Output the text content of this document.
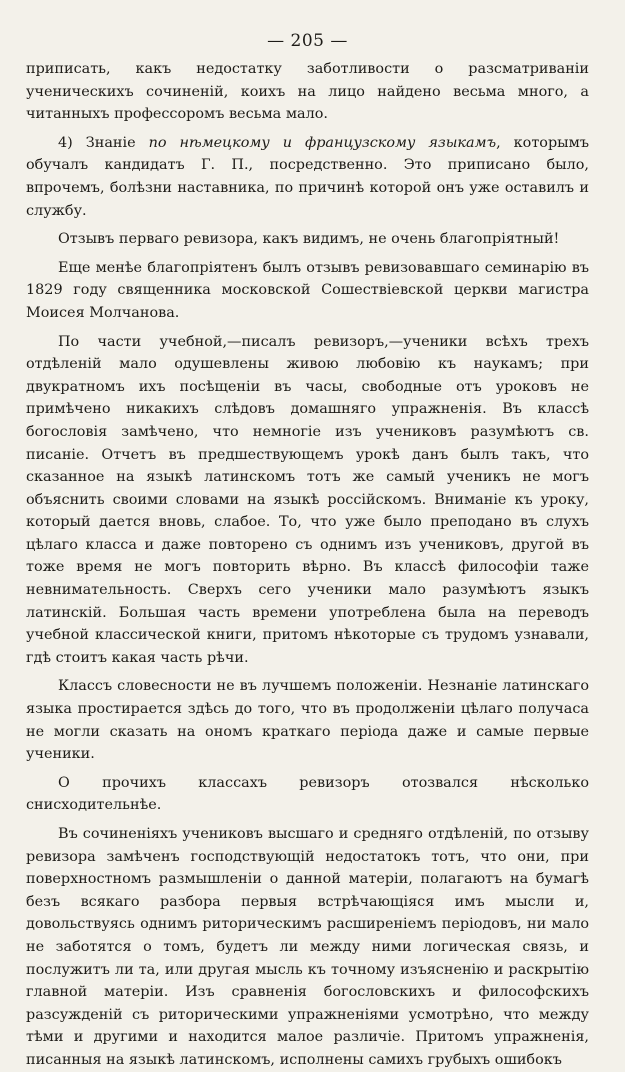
— 205 —

приписать, какъ недостатку заботливости о разсматриваніи ученическихъ сочиненій, коихъ на лицо найдено весьма много, а читанныхъ профессоромъ весьма мало.

4) Знаніе по нѣмецкому и французскому языкамъ, которымъ обучалъ кандидатъ Г. П., посредственно. Это приписано было, впрочемъ, болѣзни наставника, по причинѣ которой онъ уже оставилъ и службу.

Отзывъ перваго ревизора, какъ видимъ, не очень благопріятный!

Еще менѣе благопріятенъ былъ отзывъ ревизовавшаго семинарію въ 1829 году священника московской Сошествіевской церкви магистра Моисея Молчанова.

По части учебной,—писалъ ревизоръ,—ученики всѣхъ трехъ отдѣленій мало одушевлены живою любовію къ наукамъ; при двукратномъ ихъ посѣщеніи въ часы, свободные отъ уроковъ не примѣчено никакихъ слѣдовъ домашняго упражненія. Въ классѣ богословія замѣчено, что немногіе изъ учениковъ разумѣютъ св. писаніе. Отчетъ въ предшествующемъ урокѣ данъ былъ такъ, что сказанное на языкѣ латинскомъ тотъ же самый ученикъ не могъ объяснить своими словами на языкѣ россійскомъ. Вниманіе къ уроку, который дается вновь, слабое. То, что уже было преподано въ слухъ цѣлаго класса и даже повторено съ однимъ изъ учениковъ, другой въ тоже время не могъ повторить вѣрно. Въ классѣ философіи таже невнимательность. Сверхъ сего ученики мало разумѣютъ языкъ латинскій. Большая часть времени употреблена была на переводъ учебной классической книги, притомъ нѣкоторые съ трудомъ узнавали, гдѣ стоитъ какая часть рѣчи.

Классъ словесности не въ лучшемъ положеніи. Незнаніе латинскаго языка простирается здѣсь до того, что въ продолженіи цѣлаго получаса не могли сказать на ономъ краткаго періода даже и самые первые ученики.

О прочихъ классахъ ревизоръ отозвался нѣсколько снисходительнѣе.

Въ сочиненіяхъ учениковъ высшаго и средняго отдѣленій, по отзыву ревизора замѣченъ господствующій недостатокъ тотъ, что они, при поверхностномъ размышленіи о данной матеріи, полагаютъ на бумагѣ безъ всякаго разбора первыя встрѣчающіяся имъ мысли и, довольствуясь однимъ риторическимъ расширеніемъ періодовъ, ни мало не заботятся о томъ, будетъ ли между ними логическая связь, и послужитъ ли та, или другая мысль къ точному изъясненію и раскрытію главной матеріи. Изъ сравненія богословскихъ и философскихъ разсужденій съ риторическими упражненіями усмотрѣно, что между тѣми и другими и находится малое различіе. Притомъ упражненія, писанныя на языкѣ латинскомъ, исполнены самихъ грубыхъ ошибокъ
